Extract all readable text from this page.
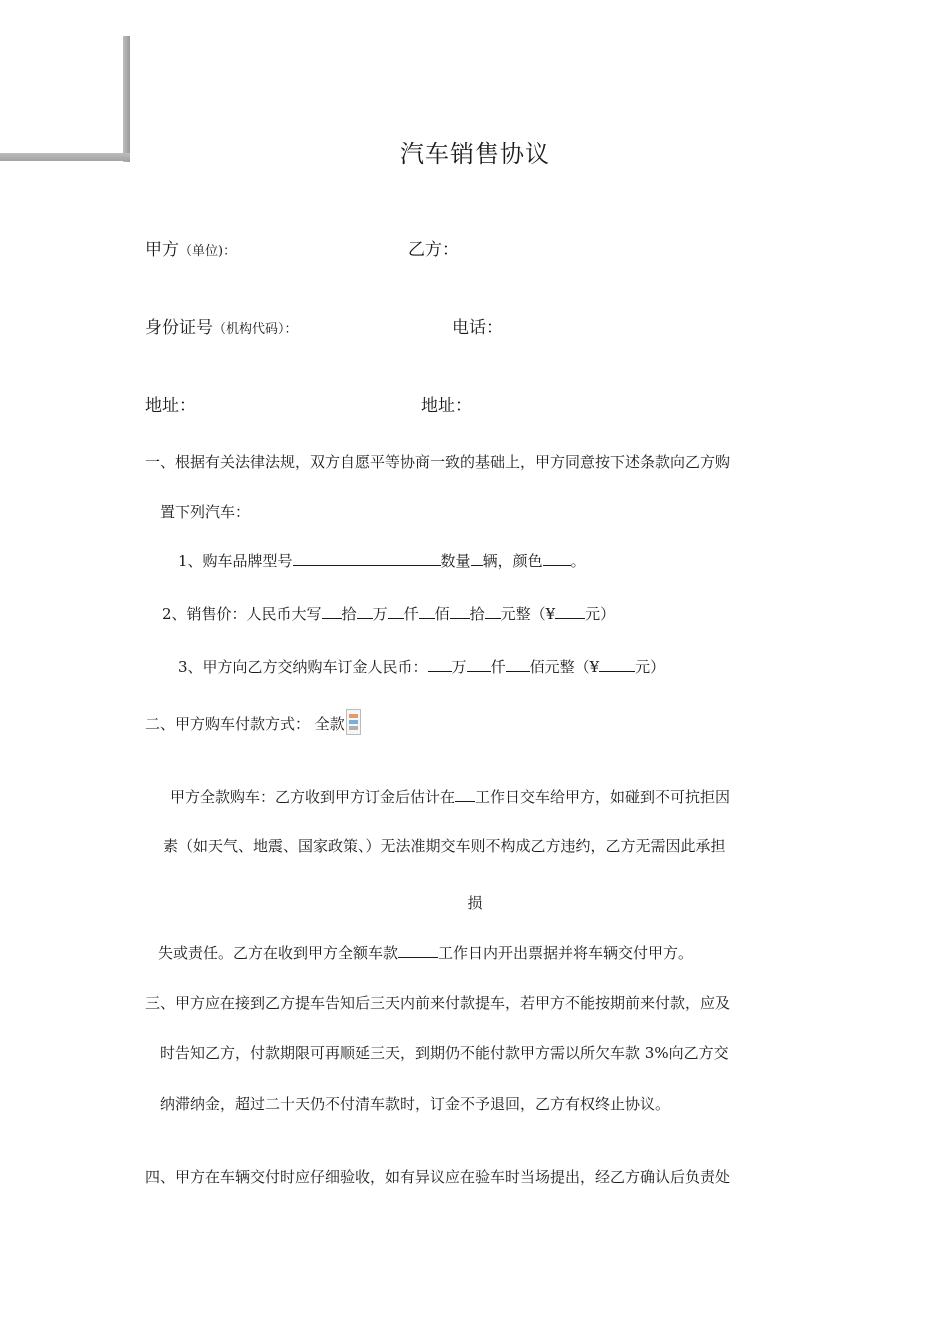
汽车销售协议
甲方（单位)：	乙方：
身份证号（机构代码）：	电话：
地址：	地址：
一、根据有关法律法规，双方自愿平等协商一致的基础上，甲方同意按下述条款向乙方购
置下列汽车：
1、购车品牌型号	数量 辆，颜色 。
2、销售价：人民币大写 拾 万 仟 佰 拾 元整（¥ 元）
3、甲方向乙方交纳购车订金人民币： 万 仟 佰元整（¥ 元）
二、甲方购车付款方式： 全款
甲方全款购车：乙方收到甲方订金后估计在 工作日交车给甲方，如碰到不可抗拒因
素（如天气、地震、国家政策、）无法准期交车则不构成乙方违约，乙方无需因此承担
损
失或责任。乙方在收到甲方全额车款	工作日内开出票据并将车辆交付甲方。
三、甲方应在接到乙方提车告知后三天内前来付款提车，若甲方不能按期前来付款，应及
时告知乙方，付款期限可再顺延三天，到期仍不能付款甲方需以所欠车款 3%向乙方交
纳滞纳金，超过二十天仍不付清车款时，订金不予退回，乙方有权终止协议。
四、甲方在车辆交付时应仔细验收，如有异议应在验车时当场提出，经乙方确认后负责处
